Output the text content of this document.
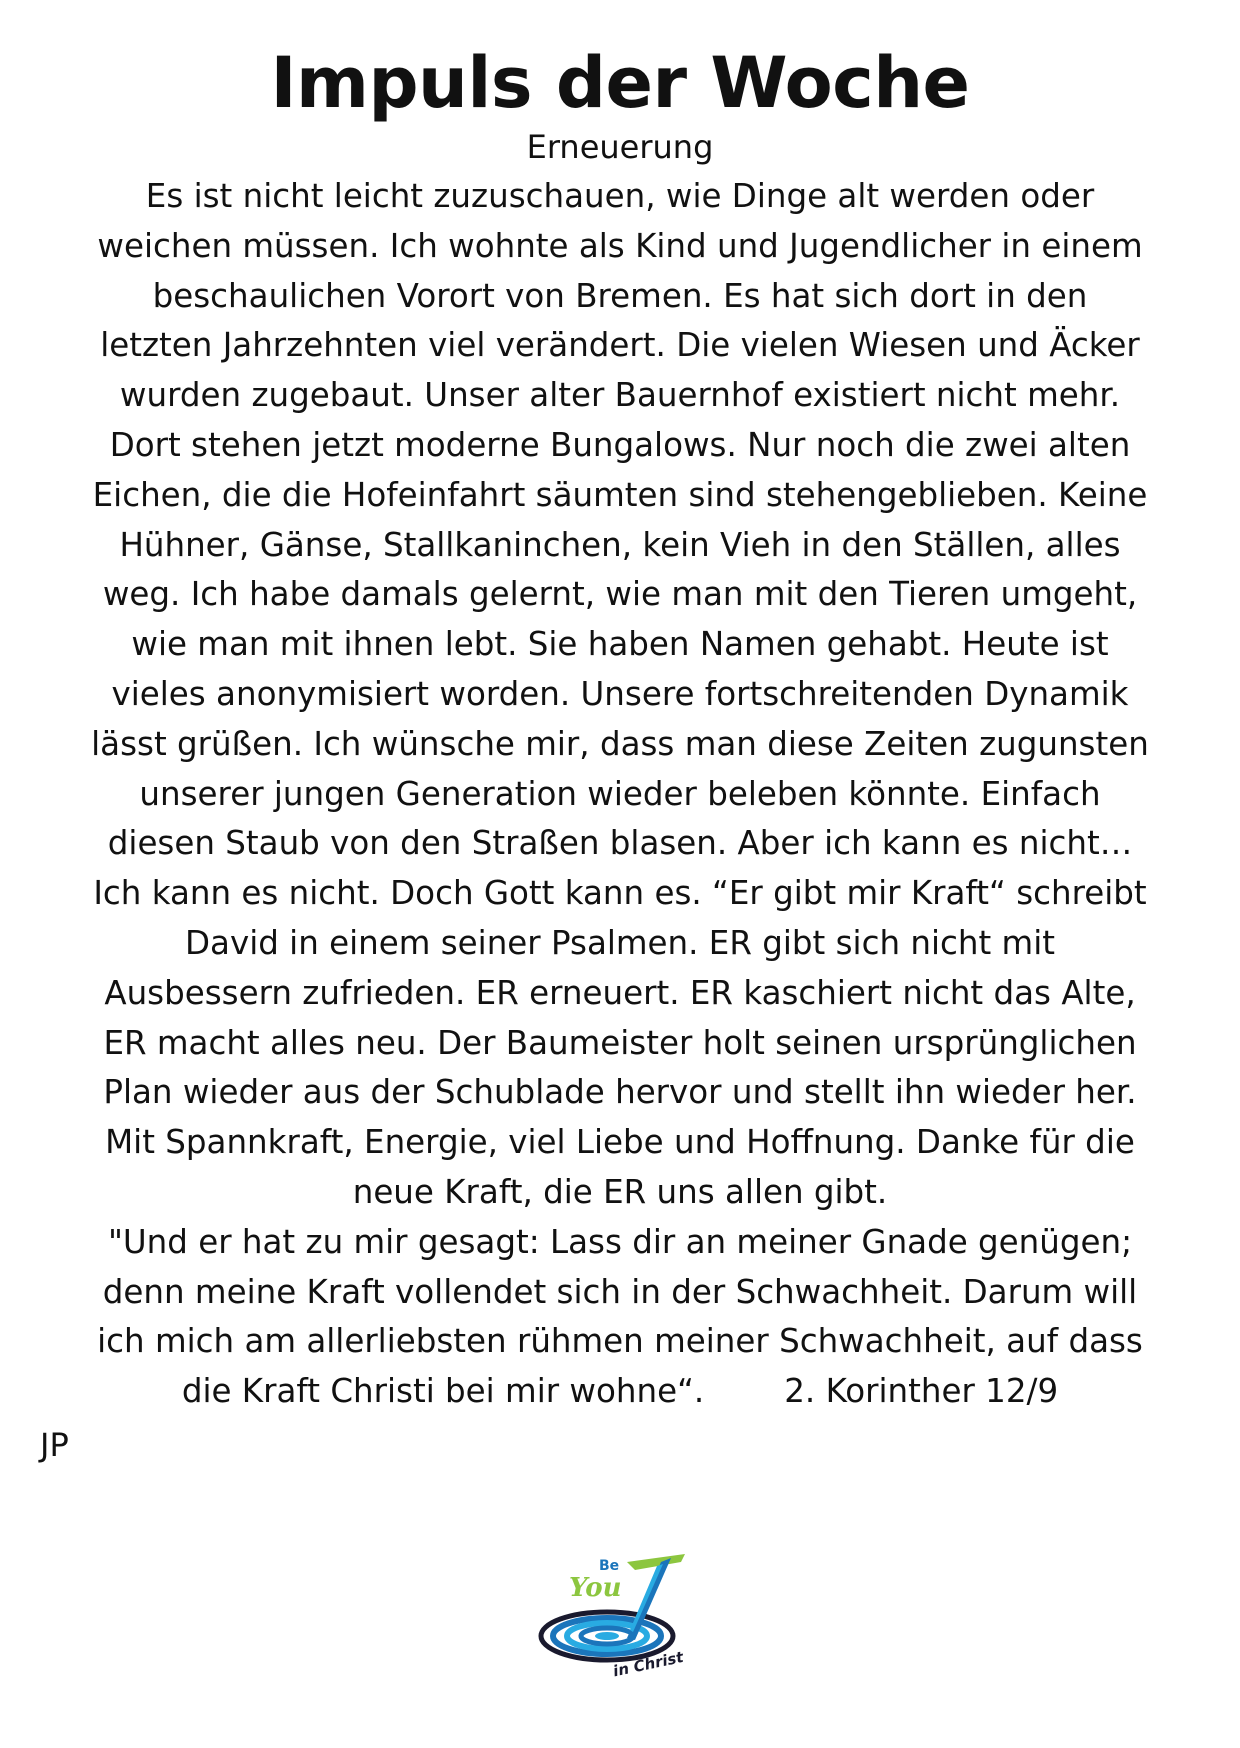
Impuls der Woche
Erneuerung
Es ist nicht leicht zuzuschauen, wie Dinge alt werden oder
weichen müssen. Ich wohnte als Kind und Jugendlicher in einem
beschaulichen Vorort von Bremen. Es hat sich dort in den
letzten Jahrzehnten viel verändert. Die vielen Wiesen und Äcker
wurden zugebaut. Unser alter Bauernhof existiert nicht mehr.
Dort stehen jetzt moderne Bungalows. Nur noch die zwei alten
Eichen, die die Hofeinfahrt säumten sind stehengeblieben. Keine
Hühner, Gänse, Stallkaninchen, kein Vieh in den Ställen, alles
weg. Ich habe damals gelernt, wie man mit den Tieren umgeht,
wie man mit ihnen lebt. Sie haben Namen gehabt. Heute ist
vieles anonymisiert worden. Unsere fortschreitenden Dynamik
lässt grüßen. Ich wünsche mir, dass man diese Zeiten zugunsten
unserer jungen Generation wieder beleben könnte. Einfach
diesen Staub von den Straßen blasen. Aber ich kann es nicht…
Ich kann es nicht. Doch Gott kann es. “Er gibt mir Kraft“ schreibt
David in einem seiner Psalmen. ER gibt sich nicht mit
Ausbessern zufrieden. ER erneuert. ER kaschiert nicht das Alte,
ER macht alles neu. Der Baumeister holt seinen ursprünglichen
Plan wieder aus der Schublade hervor und stellt ihn wieder her.
Mit Spannkraft, Energie, viel Liebe und Hoffnung. Danke für die
neue Kraft, die ER uns allen gibt.
"Und er hat zu mir gesagt: Lass dir an meiner Gnade genügen;
denn meine Kraft vollendet sich in der Schwachheit. Darum will
ich mich am allerliebsten rühmen meiner Schwachheit, auf dass
die Kraft Christi bei mir wohne“. 2. Korinther 12/9
JP
Be
You
in Christ
